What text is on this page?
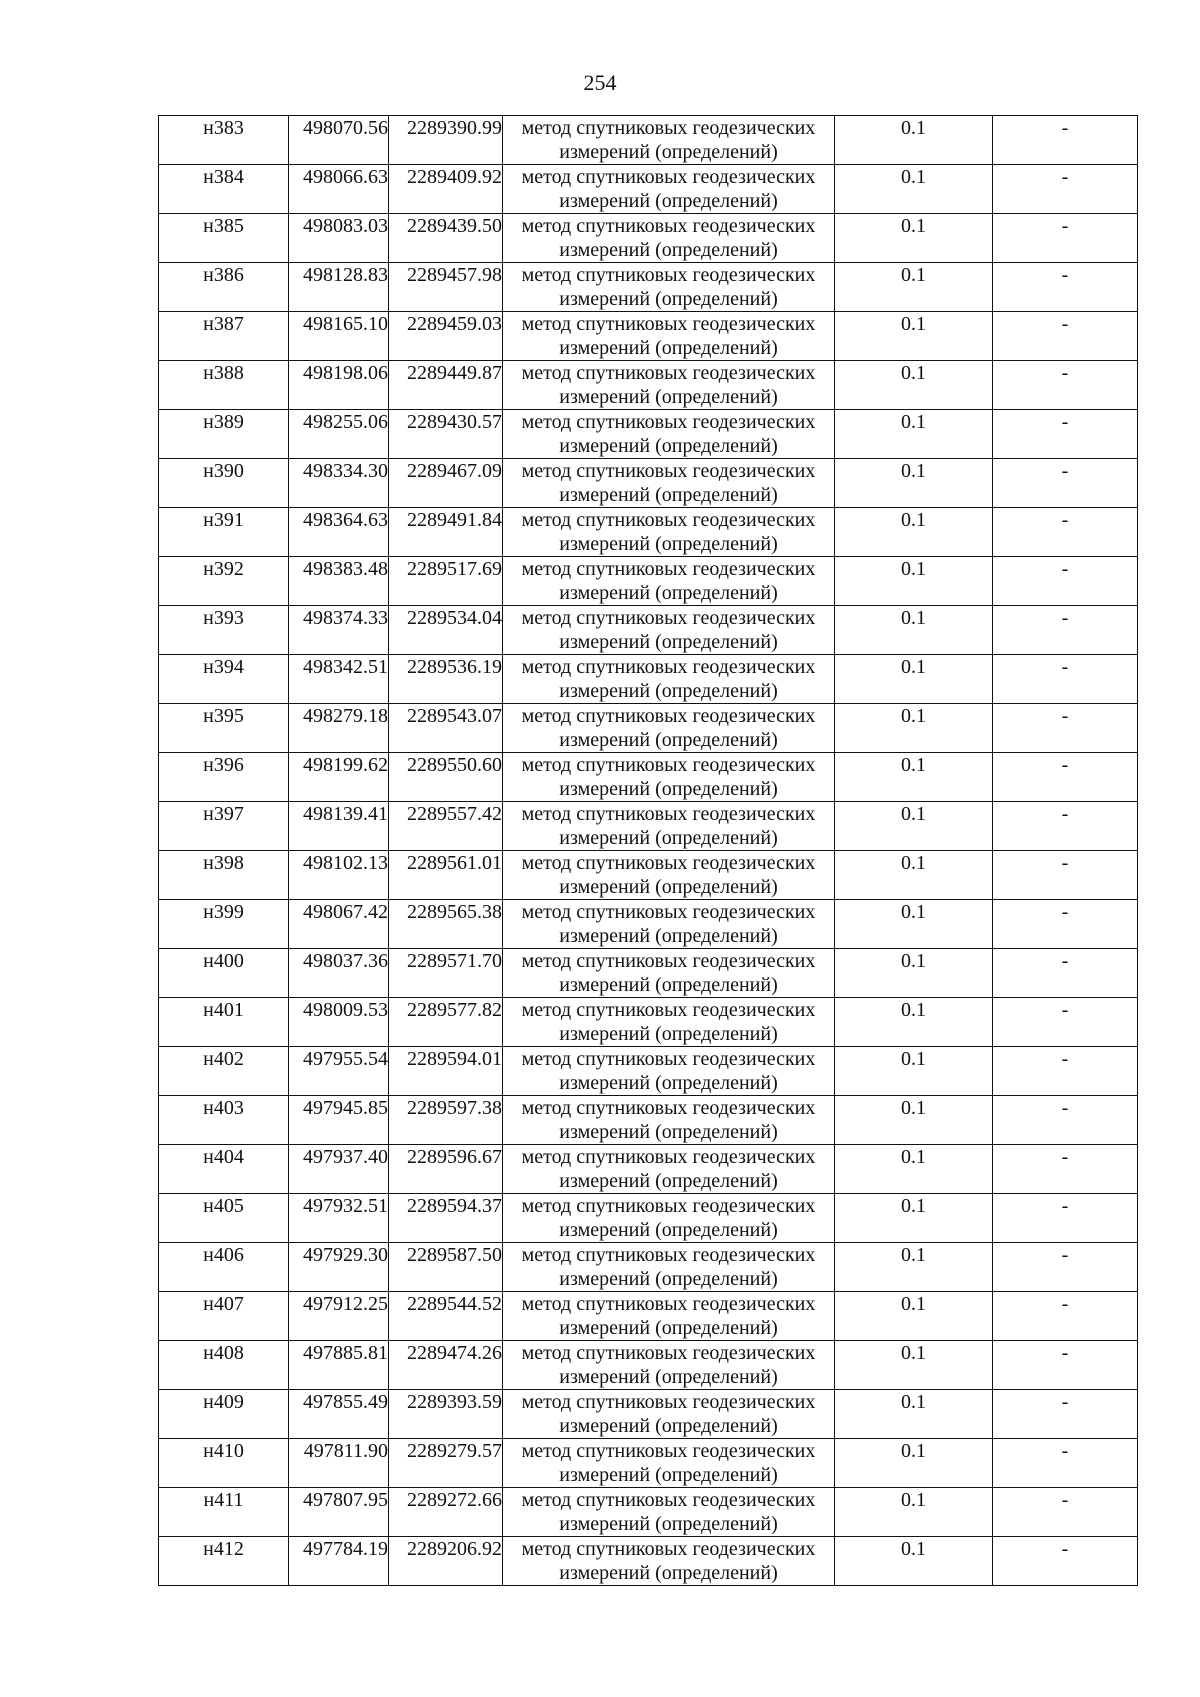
254
н383	498070.56	2289390.99	метод спутниковых геодезических
измерений (определений)	0.1	-
н384	498066.63	2289409.92	метод спутниковых геодезических
измерений (определений)	0.1	-
н385	498083.03	2289439.50	метод спутниковых геодезических
измерений (определений)	0.1	-
н386	498128.83	2289457.98	метод спутниковых геодезических
измерений (определений)	0.1	-
н387	498165.10	2289459.03	метод спутниковых геодезических
измерений (определений)	0.1	-
н388	498198.06	2289449.87	метод спутниковых геодезических
измерений (определений)	0.1	-
н389	498255.06	2289430.57	метод спутниковых геодезических
измерений (определений)	0.1	-
н390	498334.30	2289467.09	метод спутниковых геодезических
измерений (определений)	0.1	-
н391	498364.63	2289491.84	метод спутниковых геодезических
измерений (определений)	0.1	-
н392	498383.48	2289517.69	метод спутниковых геодезических
измерений (определений)	0.1	-
н393	498374.33	2289534.04	метод спутниковых геодезических
измерений (определений)	0.1	-
н394	498342.51	2289536.19	метод спутниковых геодезических
измерений (определений)	0.1	-
н395	498279.18	2289543.07	метод спутниковых геодезических
измерений (определений)	0.1	-
н396	498199.62	2289550.60	метод спутниковых геодезических
измерений (определений)	0.1	-
н397	498139.41	2289557.42	метод спутниковых геодезических
измерений (определений)	0.1	-
н398	498102.13	2289561.01	метод спутниковых геодезических
измерений (определений)	0.1	-
н399	498067.42	2289565.38	метод спутниковых геодезических
измерений (определений)	0.1	-
н400	498037.36	2289571.70	метод спутниковых геодезических
измерений (определений)	0.1	-
н401	498009.53	2289577.82	метод спутниковых геодезических
измерений (определений)	0.1	-
н402	497955.54	2289594.01	метод спутниковых геодезических
измерений (определений)	0.1	-
н403	497945.85	2289597.38	метод спутниковых геодезических
измерений (определений)	0.1	-
н404	497937.40	2289596.67	метод спутниковых геодезических
измерений (определений)	0.1	-
н405	497932.51	2289594.37	метод спутниковых геодезических
измерений (определений)	0.1	-
н406	497929.30	2289587.50	метод спутниковых геодезических
измерений (определений)	0.1	-
н407	497912.25	2289544.52	метод спутниковых геодезических
измерений (определений)	0.1	-
н408	497885.81	2289474.26	метод спутниковых геодезических
измерений (определений)	0.1	-
н409	497855.49	2289393.59	метод спутниковых геодезических
измерений (определений)	0.1	-
н410	497811.90	2289279.57	метод спутниковых геодезических
измерений (определений)	0.1	-
н411	497807.95	2289272.66	метод спутниковых геодезических
измерений (определений)	0.1	-
н412	497784.19	2289206.92	метод спутниковых геодезических
измерений (определений)	0.1	-
